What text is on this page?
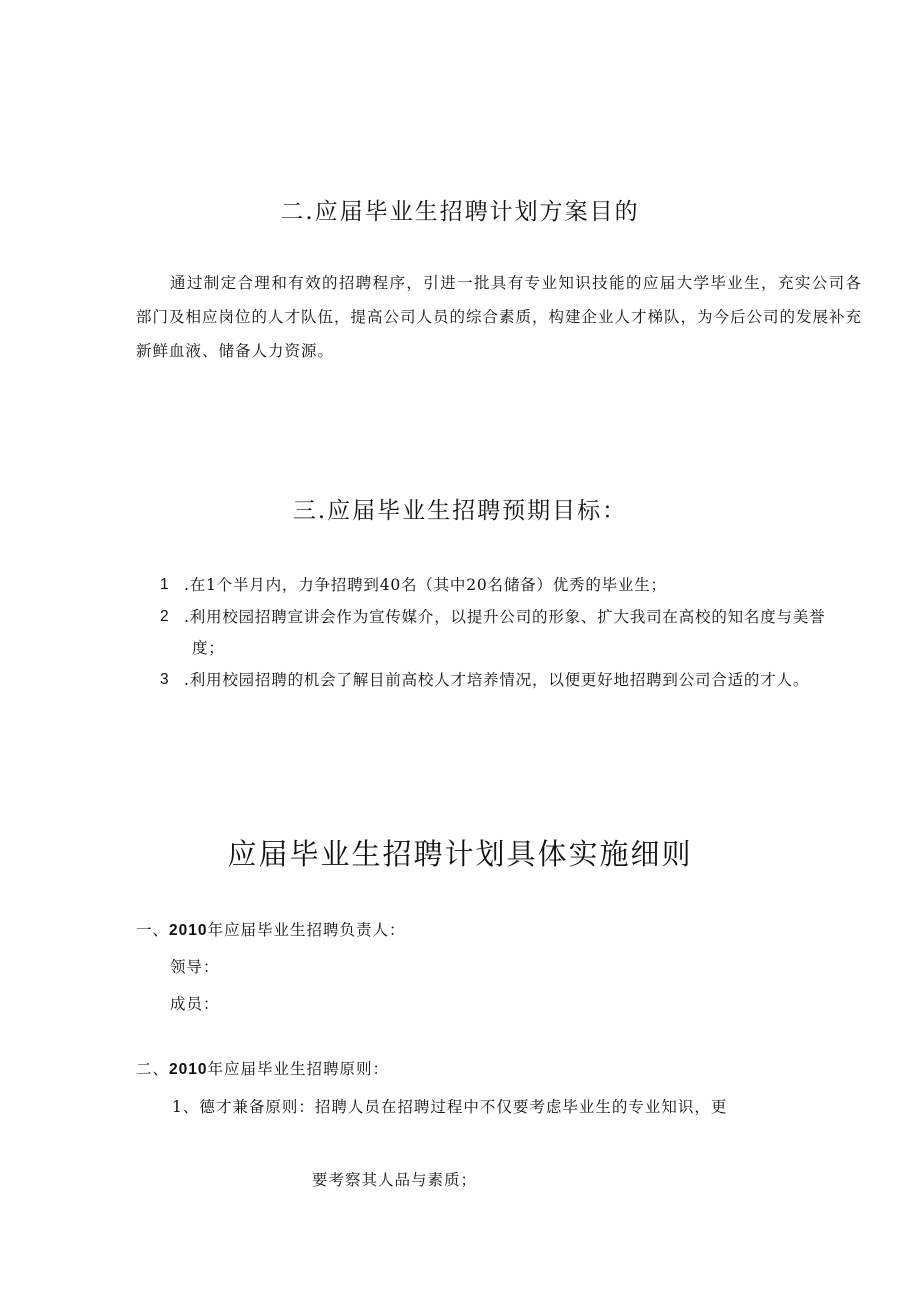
二.应届毕业生招聘计划方案目的

通过制定合理和有效的招聘程序，引进一批具有专业知识技能的应届大学毕业生，充实公司各部门及相应岗位的人才队伍，提高公司人员的综合素质，构建企业人才梯队，为今后公司的发展补充新鲜血液、储备人力资源。

三.应届毕业生招聘预期目标：
1 .在1个半月内，力争招聘到40名（其中20名储备）优秀的毕业生；
2 .利用校园招聘宣讲会作为宣传媒介，以提升公司的形象、扩大我司在高校的知名度与美誉
度；
3 .利用校园招聘的机会了解目前高校人才培养情况，以便更好地招聘到公司合适的才人。
应届毕业生招聘计划具体实施细则
一、2010年应届毕业生招聘负责人：
领导：
成员：
二、2010年应届毕业生招聘原则：
1、德才兼备原则：招聘人员在招聘过程中不仅要考虑毕业生的专业知识，更
要考察其人品与素质；
